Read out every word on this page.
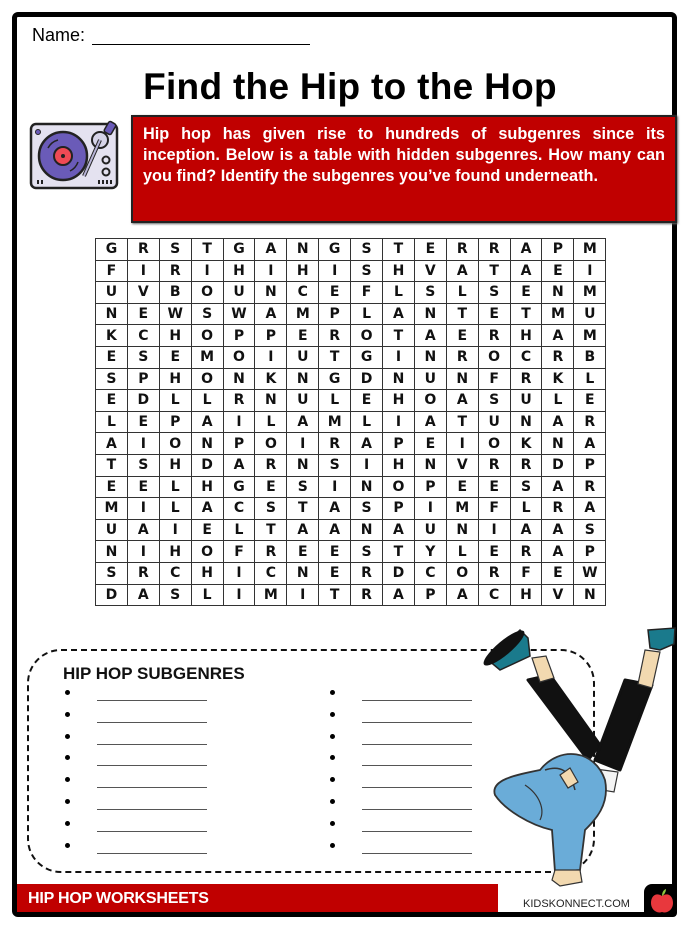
Name:
Find the Hip to the Hop
Hip hop has given rise to hundreds of subgenres since its inception. Below is a table with hidden subgenres. How many can you find? Identify the subgenres you’ve found underneath.
G	R	S	T	G	A	N	G	S	T	E	R	R	A	P	M
F	I	R	I	H	I	H	I	S	H	V	A	T	A	E	I
U	V	B	O	U	N	C	E	F	L	S	L	S	E	N	M
N	E	W	S	W	A	M	P	L	A	N	T	E	T	M	U
K	C	H	O	P	P	E	R	O	T	A	E	R	H	A	M
E	S	E	M	O	I	U	T	G	I	N	R	O	C	R	B
S	P	H	O	N	K	N	G	D	N	U	N	F	R	K	L
E	D	L	L	R	N	U	L	E	H	O	A	S	U	L	E
L	E	P	A	I	L	A	M	L	I	A	T	U	N	A	R
A	I	O	N	P	O	I	R	A	P	E	I	O	K	N	A
T	S	H	D	A	R	N	S	I	H	N	V	R	R	D	P
E	E	L	H	G	E	S	I	N	O	P	E	E	S	A	R
M	I	L	A	C	S	T	A	S	P	I	M	F	L	R	A
U	A	I	E	L	T	A	A	N	A	U	N	I	A	A	S
N	I	H	O	F	R	E	E	S	T	Y	L	E	R	A	P
S	R	C	H	I	C	N	E	R	D	C	O	R	F	E	W
D	A	S	L	I	M	I	T	R	A	P	A	C	H	V	N
HIP HOP SUBGENRES
HIP HOP WORKSHEETS	KIDSKONNECT.COM
